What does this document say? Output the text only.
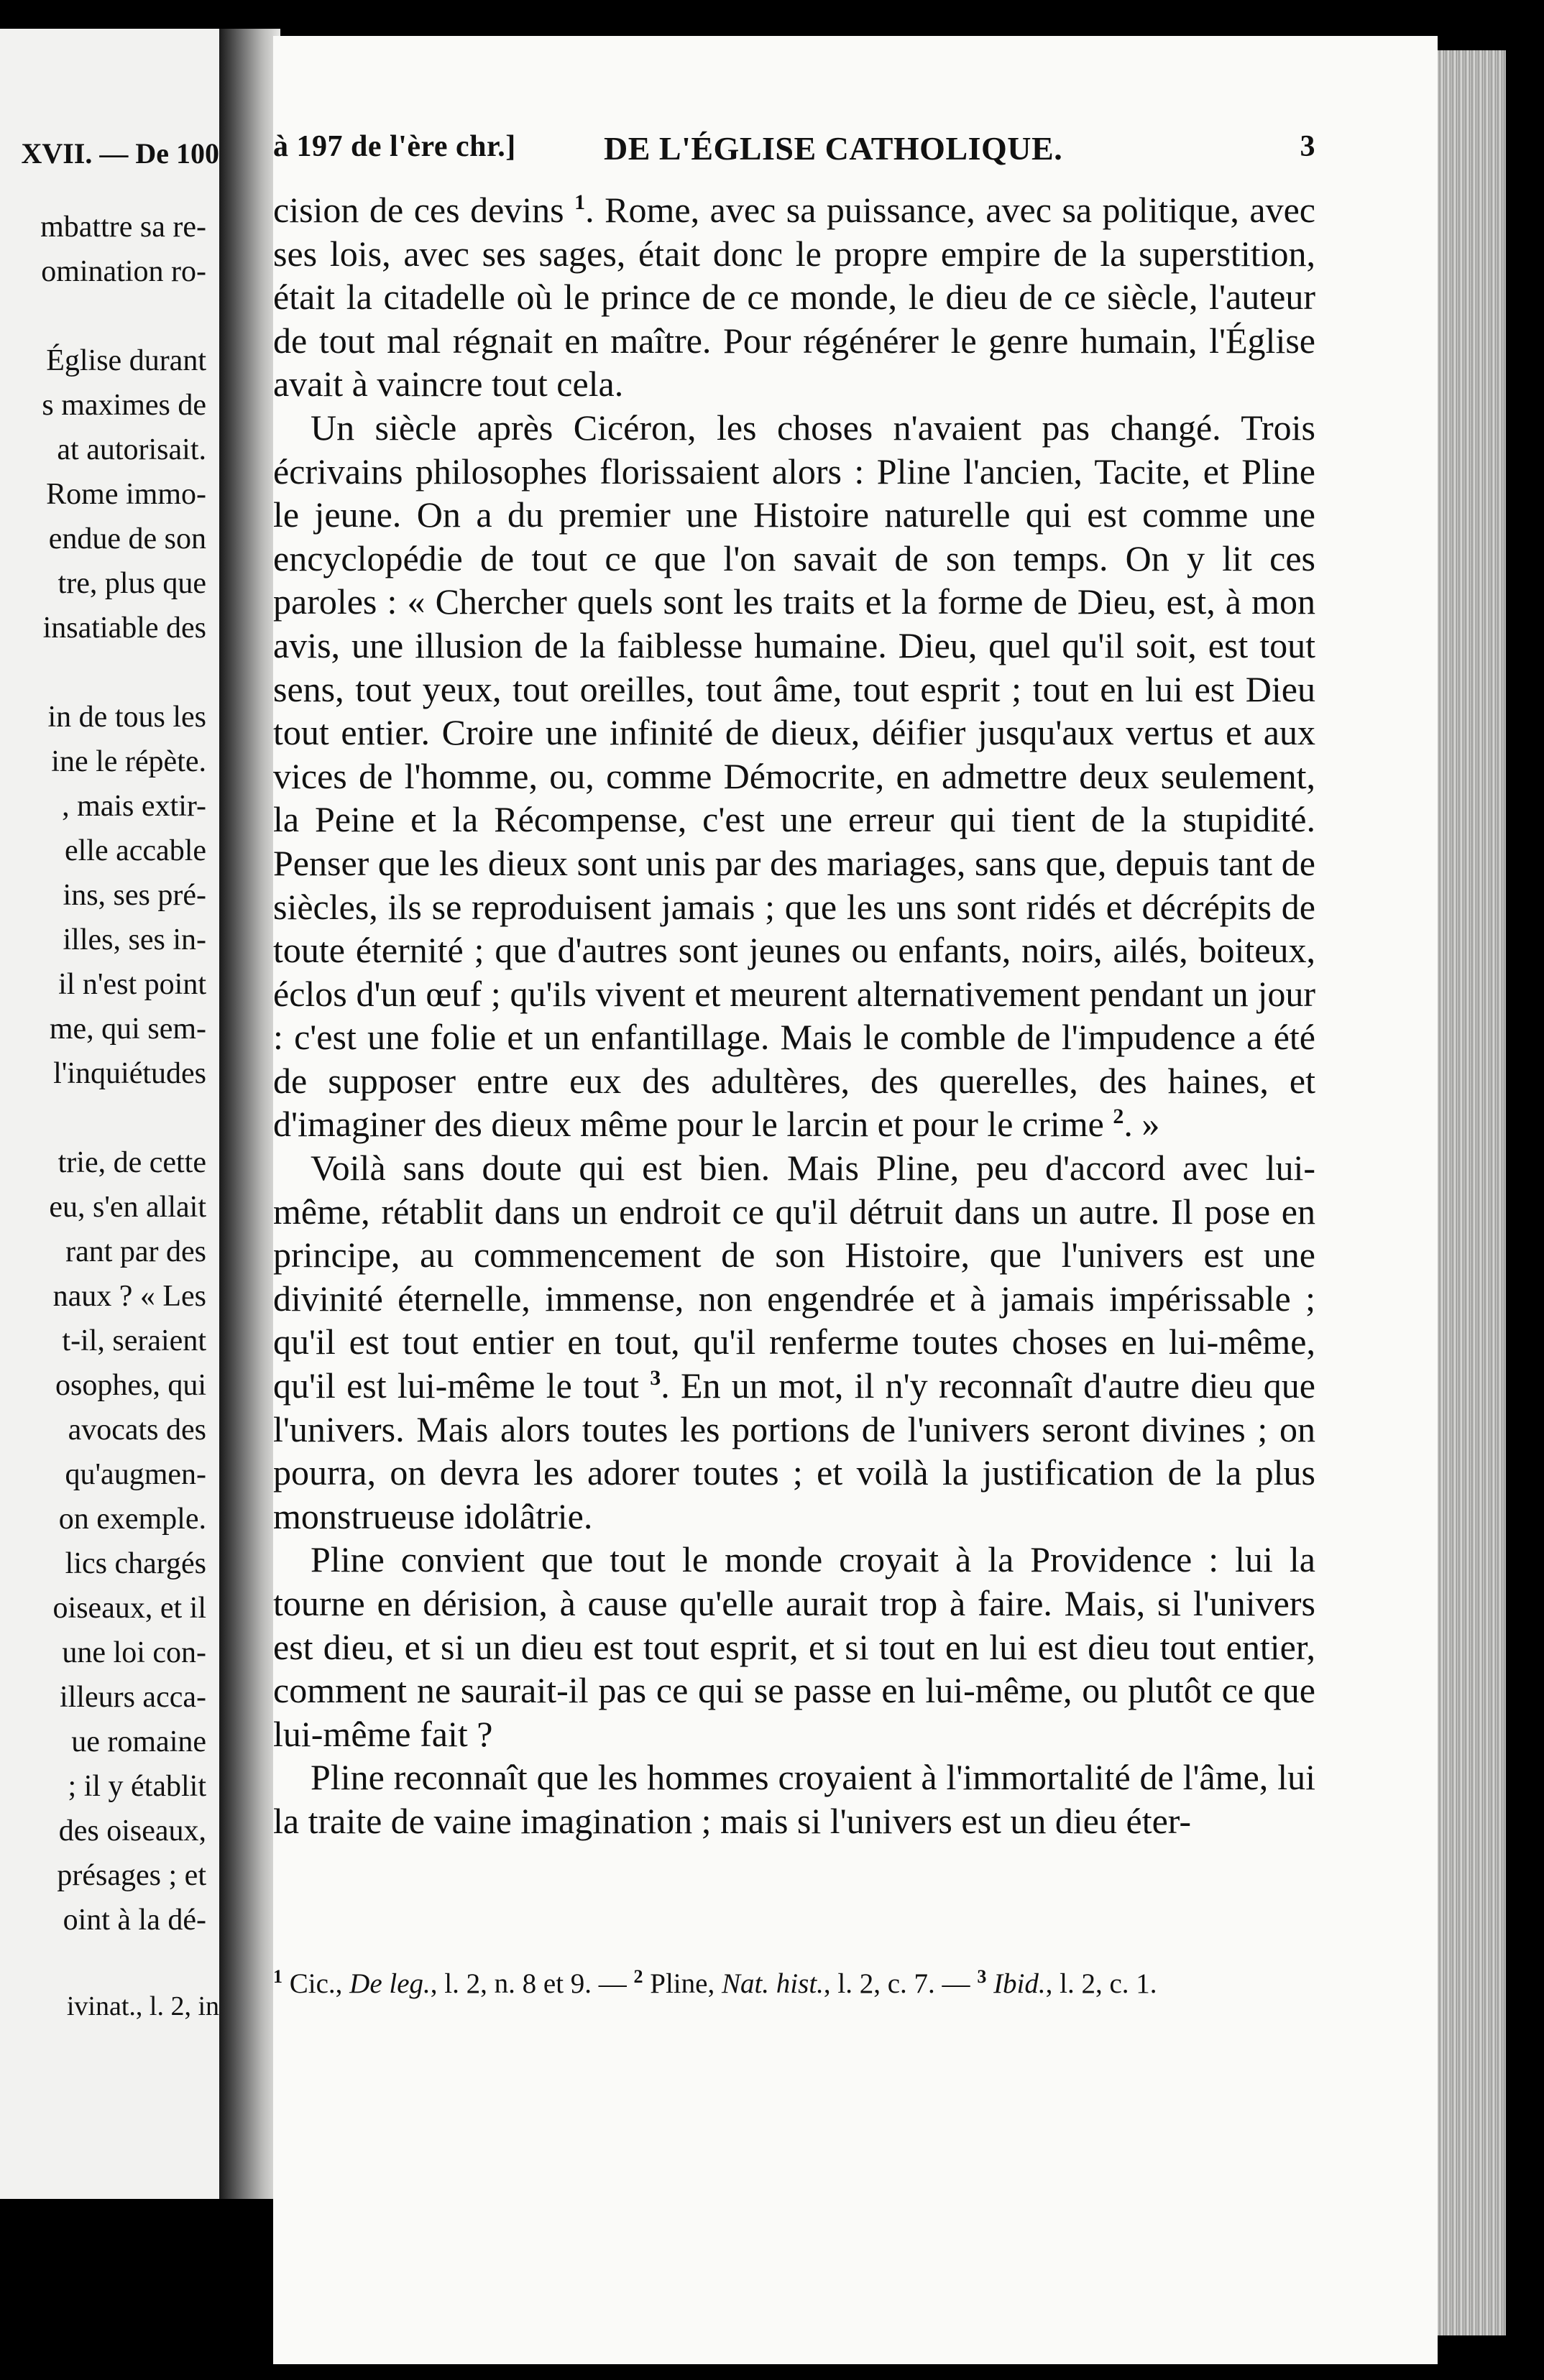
XVII. — De 100
mbattre sa re-
omination ro-

Église durant
s maximes de
at autorisait.
Rome immo-
endue de son
tre, plus que
insatiable des

in de tous les
ine le répète.
, mais extir-
elle accable
ins, ses pré-
illes, ses in-
il n'est point
me, qui sem-
l'inquiétudes

trie, de cette
eu, s'en allait
rant par des
naux ? « Les
t-il, seraient
osophes, qui
avocats des
qu'augmen-
on exemple.
lics chargés
oiseaux, et il
une loi con-
illeurs acca-
ue romaine
; il y établit
des oiseaux,
présages ; et
oint à la dé-
ivinat., l. 2, in
à 197 de l'ère chr.]	DE L'ÉGLISE CATHOLIQUE.	3

cision de ces devins $^1$. Rome, avec sa puissance, avec sa politique, avec ses lois, avec ses sages, était donc le propre empire de la superstition, était la citadelle où le prince de ce monde, le dieu de ce siècle, l'auteur de tout mal régnait en maître. Pour régénérer le genre humain, l'Église avait à vaincre tout cela.

Un siècle après Cicéron, les choses n'avaient pas changé. Trois écrivains philosophes florissaient alors : Pline l'ancien, Tacite, et Pline le jeune. On a du premier une Histoire naturelle qui est comme une encyclopédie de tout ce que l'on savait de son temps. On y lit ces paroles : « Chercher quels sont les traits et la forme de Dieu, est, à mon avis, une illusion de la faiblesse humaine. Dieu, quel qu'il soit, est tout sens, tout yeux, tout oreilles, tout âme, tout esprit ; tout en lui est Dieu tout entier. Croire une infinité de dieux, déifier jusqu'aux vertus et aux vices de l'homme, ou, comme Démocrite, en admettre deux seulement, la Peine et la Récompense, c'est une erreur qui tient de la stupidité. Penser que les dieux sont unis par des mariages, sans que, depuis tant de siècles, ils se reproduisent jamais ; que les uns sont ridés et décrépits de toute éternité ; que d'autres sont jeunes ou enfants, noirs, ailés, boiteux, éclos d'un œuf ; qu'ils vivent et meurent alternativement pendant un jour : c'est une folie et un enfantillage. Mais le comble de l'impudence a été de supposer entre eux des adultères, des querelles, des haines, et d'imaginer des dieux même pour le larcin et pour le crime $^2$. »

Voilà sans doute qui est bien. Mais Pline, peu d'accord avec lui-même, rétablit dans un endroit ce qu'il détruit dans un autre. Il pose en principe, au commencement de son Histoire, que l'univers est une divinité éternelle, immense, non engendrée et à jamais impérissable ; qu'il est tout entier en tout, qu'il renferme toutes choses en lui-même, qu'il est lui-même le tout $^3$. En un mot, il n'y reconnaît d'autre dieu que l'univers. Mais alors toutes les portions de l'univers seront divines ; on pourra, on devra les adorer toutes ; et voilà la justification de la plus monstrueuse idolâtrie.

Pline convient que tout le monde croyait à la Providence : lui la tourne en dérision, à cause qu'elle aurait trop à faire. Mais, si l'univers est dieu, et si un dieu est tout esprit, et si tout en lui est dieu tout entier, comment ne saurait-il pas ce qui se passe en lui-même, ou plutôt ce que lui-même fait ?

Pline reconnaît que les hommes croyaient à l'immortalité de l'âme, lui la traite de vaine imagination ; mais si l'univers est un dieu éter-

$^1$ Cic., De leg., l. 2, n. 8 et 9. — $^2$ Pline, Nat. hist., l. 2, c. 7. — $^3$ Ibid., l. 2, c. 1.
